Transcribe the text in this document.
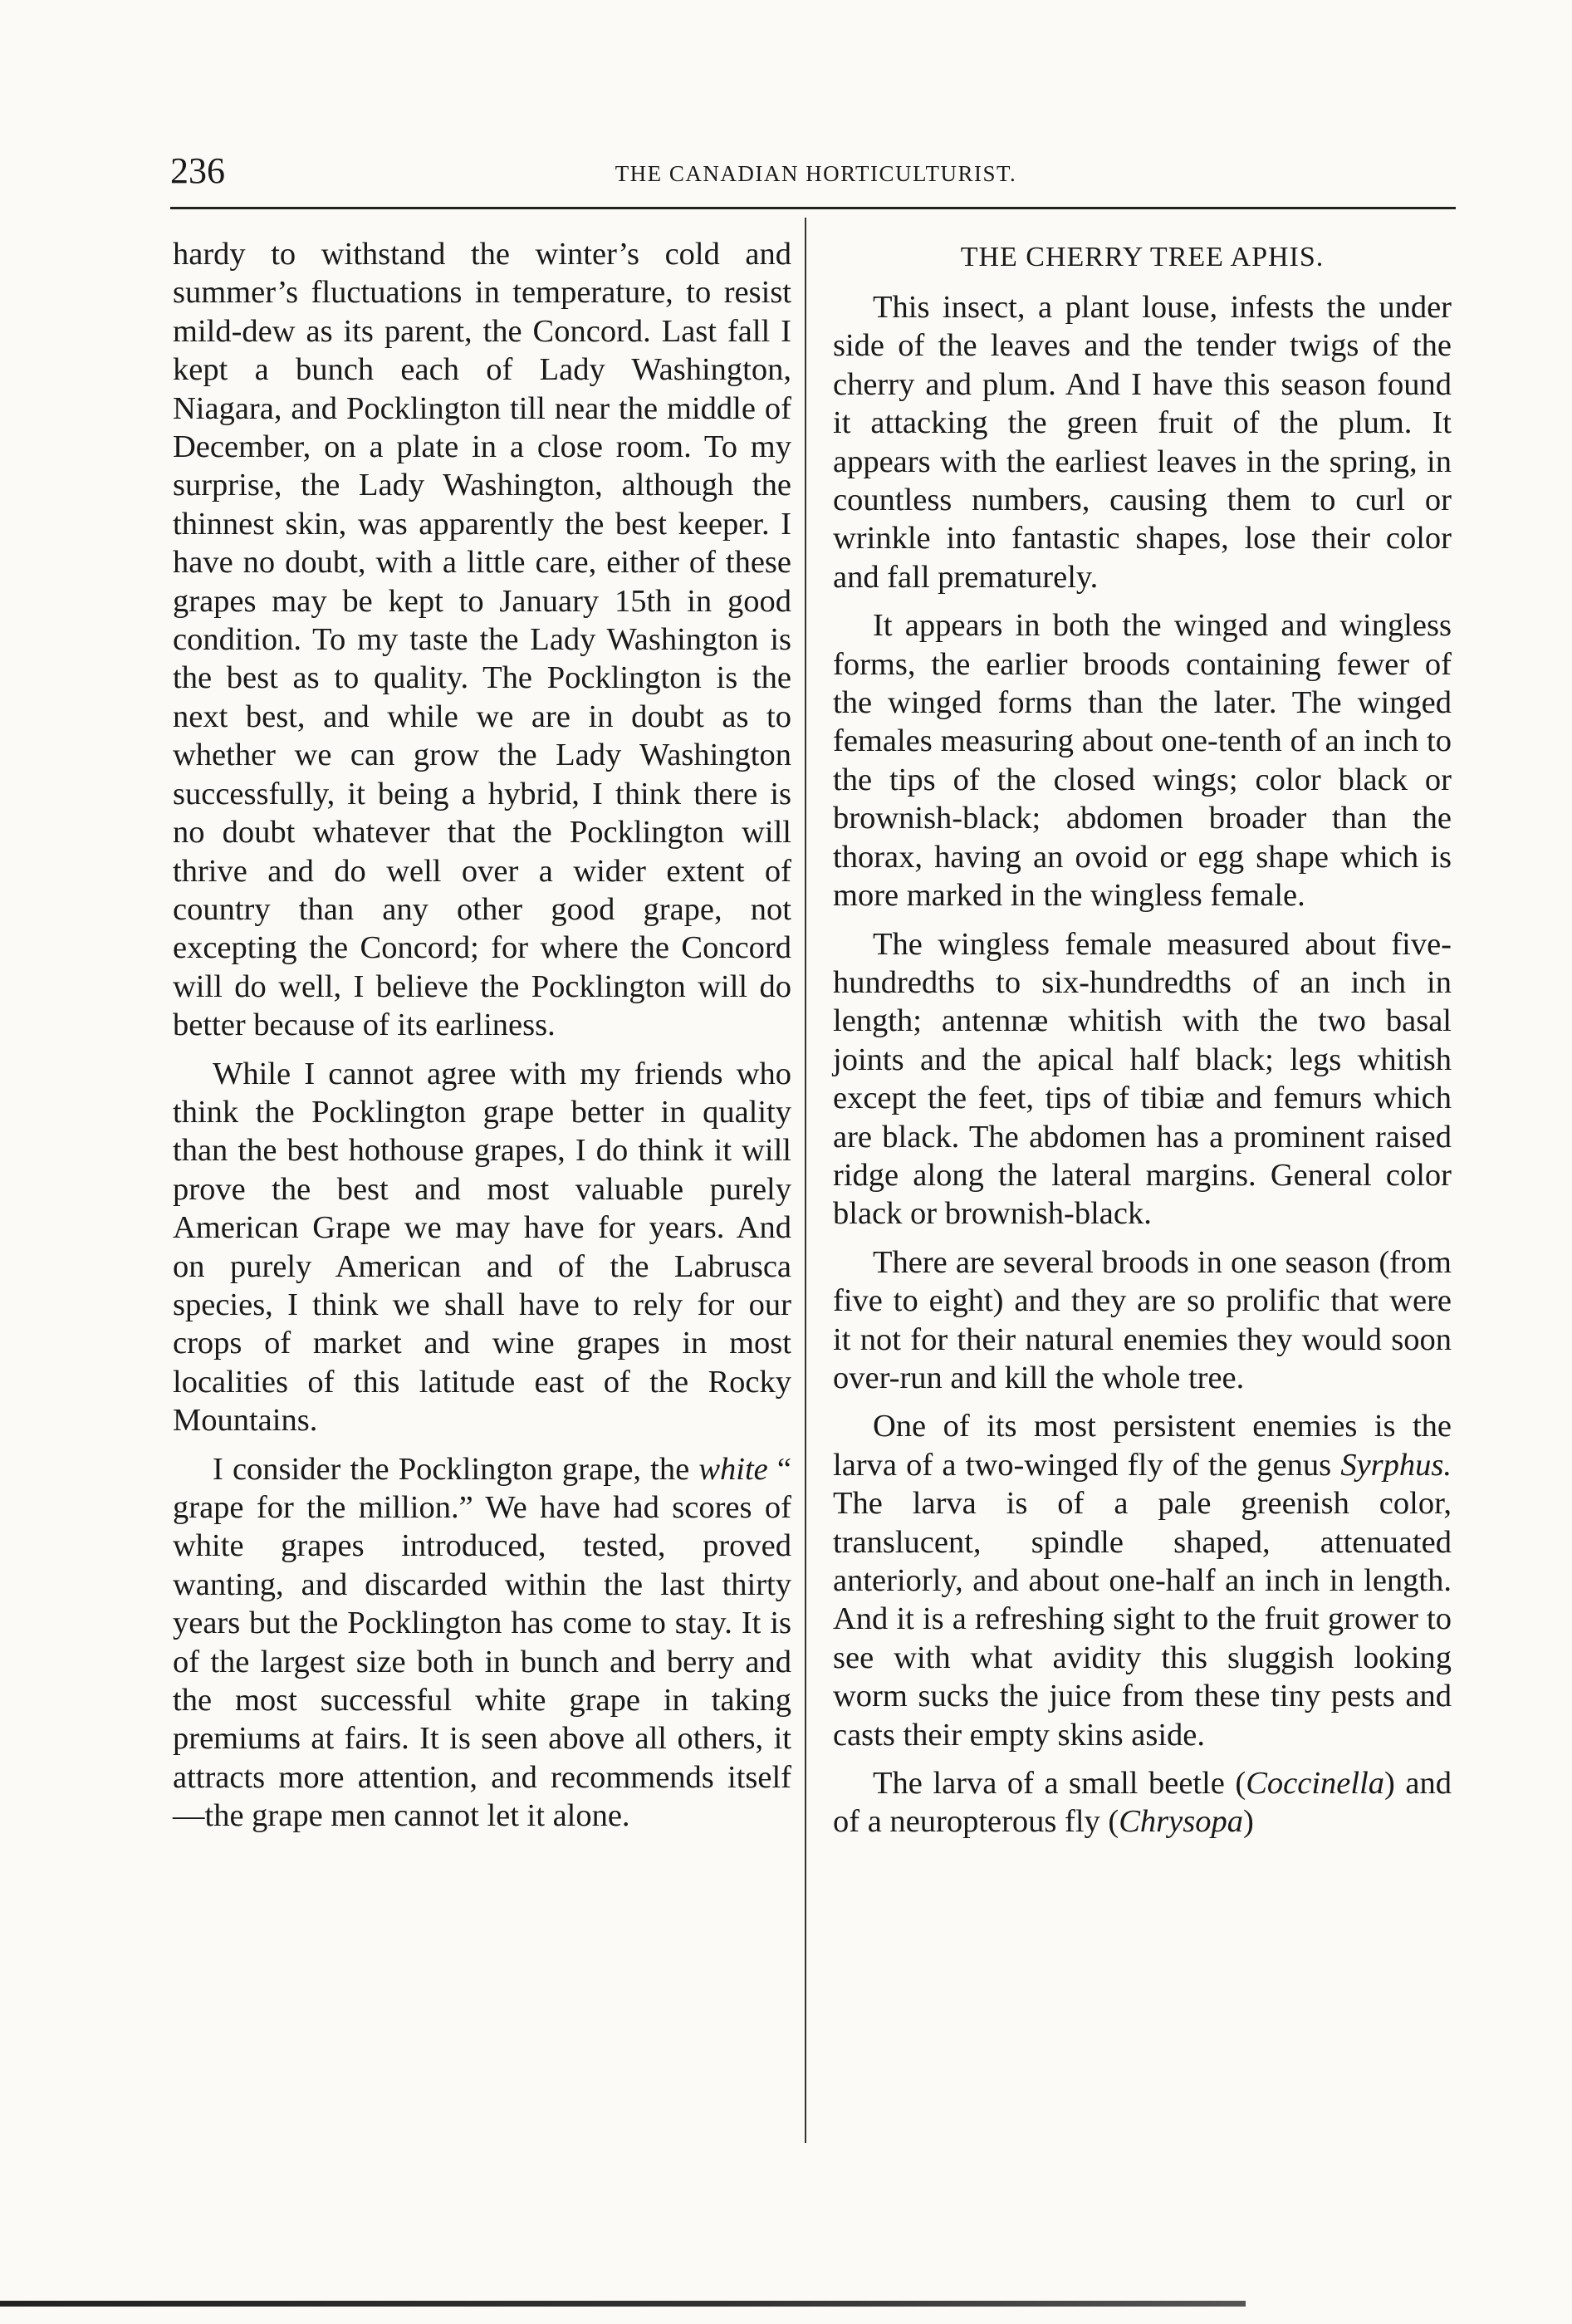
236	THE CANADIAN HORTICULTURIST.

hardy to withstand the winter’s cold and summer’s fluctuations in temperature, to resist mild-dew as its parent, the Concord. Last fall I kept a bunch each of Lady Washington, Niagara, and Pocklington till near the middle of December, on a plate in a close room. To my surprise, the Lady Washington, although the thinnest skin, was apparently the best keeper. I have no doubt, with a little care, either of these grapes may be kept to January 15th in good condition. To my taste the Lady Washington is the best as to quality. The Pocklington is the next best, and while we are in doubt as to whether we can grow the Lady Washington successfully, it being a hybrid, I think there is no doubt whatever that the Pocklington will thrive and do well over a wider extent of country than any other good grape, not excepting the Concord; for where the Concord will do well, I believe the Pocklington will do better because of its earliness.

While I cannot agree with my friends who think the Pocklington grape better in quality than the best hothouse grapes, I do think it will prove the best and most valuable purely American Grape we may have for years. And on purely American and of the Labrusca species, I think we shall have to rely for our crops of market and wine grapes in most localities of this latitude east of the Rocky Mountains.

I consider the Pocklington grape, the white “ grape for the million.” We have had scores of white grapes introduced, tested, proved wanting, and discarded within the last thirty years but the Pocklington has come to stay. It is of the largest size both in bunch and berry and the most successful white grape in taking premiums at fairs. It is seen above all others, it attracts more attention, and recommends itself—the grape men cannot let it alone.

THE CHERRY TREE APHIS.

This insect, a plant louse, infests the under side of the leaves and the tender twigs of the cherry and plum. And I have this season found it attacking the green fruit of the plum. It appears with the earliest leaves in the spring, in countless numbers, causing them to curl or wrinkle into fantastic shapes, lose their color and fall prematurely.

It appears in both the winged and wingless forms, the earlier broods containing fewer of the winged forms than the later. The winged females measuring about one-tenth of an inch to the tips of the closed wings; color black or brownish-black; abdomen broader than the thorax, having an ovoid or egg shape which is more marked in the wingless female.

The wingless female measured about five-hundredths to six-hundredths of an inch in length; antennæ whitish with the two basal joints and the apical half black; legs whitish except the feet, tips of tibiæ and femurs which are black. The abdomen has a prominent raised ridge along the lateral margins. General color black or brownish-black.

There are several broods in one season (from five to eight) and they are so prolific that were it not for their natural enemies they would soon over-run and kill the whole tree.

One of its most persistent enemies is the larva of a two-winged fly of the genus Syrphus. The larva is of a pale greenish color, translucent, spindle shaped, attenuated anteriorly, and about one-half an inch in length. And it is a refreshing sight to the fruit grower to see with what avidity this sluggish looking worm sucks the juice from these tiny pests and casts their empty skins aside.

The larva of a small beetle (Coccinella) and of a neuropterous fly (Chrysopa)
